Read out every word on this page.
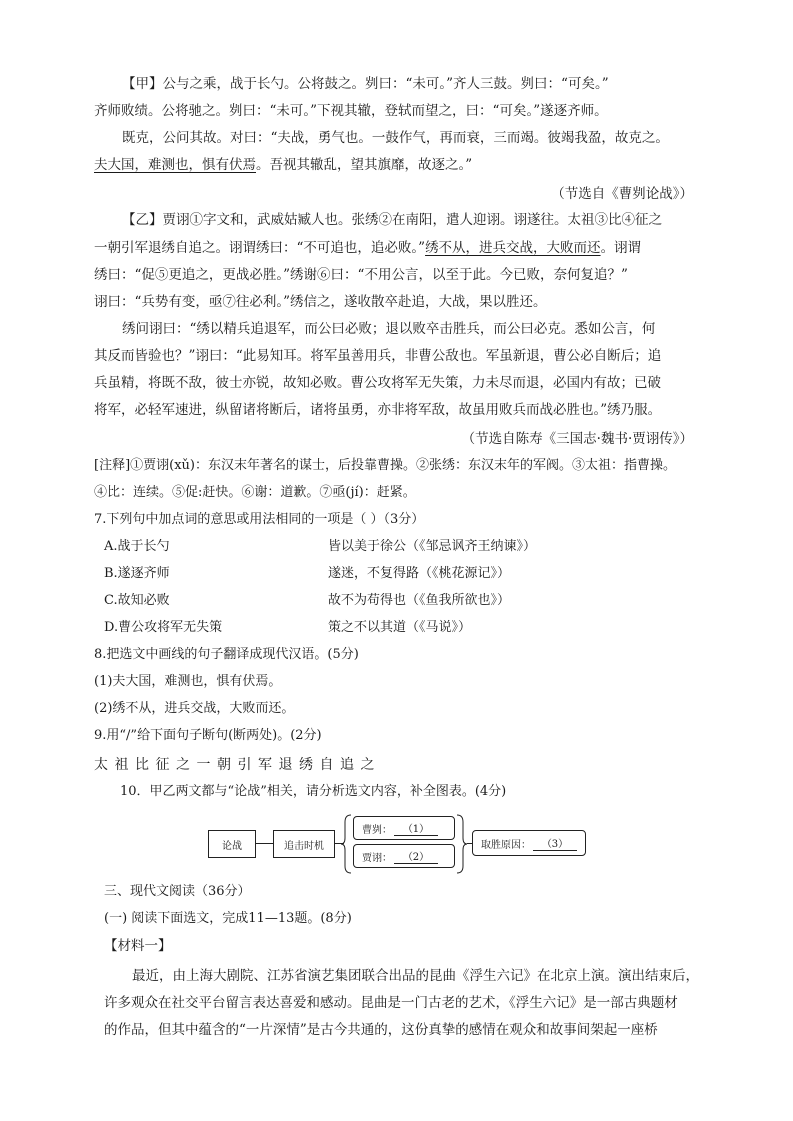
【甲】公与之乘，战于长勺。公将鼓之。刿曰：“未可。”齐人三鼓。刿曰：“可矣。”
齐师败绩。公将驰之。刿曰：“未可。”下视其辙，登轼而望之，曰：“可矣。”遂逐齐师。
既克，公问其故。对曰：“夫战，勇气也。一鼓作气，再而衰，三而竭。彼竭我盈，故克之。
夫大国，难测也，惧有伏焉。吾视其辙乱，望其旗靡，故逐之。”
（节选自《曹刿论战》）
【乙】贾诩①字文和，武威姑臧人也。张绣②在南阳，遣人迎诩。诩遂往。太祖③比④征之
一朝引军退绣自追之。诩谓绣曰：“不可追也，追必败。”绣不从，进兵交战，大败而还。诩谓
绣曰：“促⑤更追之，更战必胜。”绣谢⑥曰：“不用公言，以至于此。今已败，奈何复追？”
诩曰：“兵势有变，亟⑦往必利。”绣信之，遂收散卒赴追，大战，果以胜还。
绣问诩曰：“绣以精兵追退军，而公曰必败；退以败卒击胜兵，而公曰必克。悉如公言，何
其反而皆验也？”诩曰：“此易知耳。将军虽善用兵，非曹公敌也。军虽新退，曹公必自断后；追
兵虽精，将既不敌，彼士亦锐，故知必败。曹公攻将军无失策，力未尽而退，必国内有故；已破
将军，必轻军速进，纵留诸将断后，诸将虽勇，亦非将军敌，故虽用败兵而战必胜也。”绣乃服。
（节选自陈寿《三国志·魏书·贾诩传》）
[注释]①贾诩(xǔ)：东汉末年著名的谋士，后投靠曹操。②张绣：东汉末年的军阀。③太祖：指曹操。
④比：连续。⑤促:赶快。⑥谢：道歉。⑦亟(jí)：赶紧。
7.下列句中加点词的意思或用法相同的一项是（ ）（3分）
A.战于长勺	皆以美于徐公（《邹忌讽齐王纳谏》）
B.遂逐齐师	遂迷，不复得路（《桃花源记》）
C.故知必败	故不为苟得也（《鱼我所欲也》）
D.曹公攻将军无失策	策之不以其道（《马说》）
8.把选文中画线的句子翻译成现代汉语。(5分)
(1)夫大国，难测也，惧有伏焉。
(2)绣不从，进兵交战，大败而还。
9.用“/”给下面句子断句(断两处)。(2分)
太祖比征之一朝引军退绣自追之
10．甲乙两文都与“论战”相关，请分析选文内容，补全图表。(4分)
论战	追击时机
曹刿：	（1）
贾诩：	（2）
取胜原因：	（3）
三、现代文阅读（36分）
(一) 阅读下面选文，完成11—13题。(8分)
【材料一】
最近，由上海大剧院、江苏省演艺集团联合出品的昆曲《浮生六记》在北京上演。演出结束后，
许多观众在社交平台留言表达喜爱和感动。昆曲是一门古老的艺术，《浮生六记》是一部古典题材
的作品，但其中蕴含的“一片深情”是古今共通的，这份真挚的感情在观众和故事间架起一座桥
